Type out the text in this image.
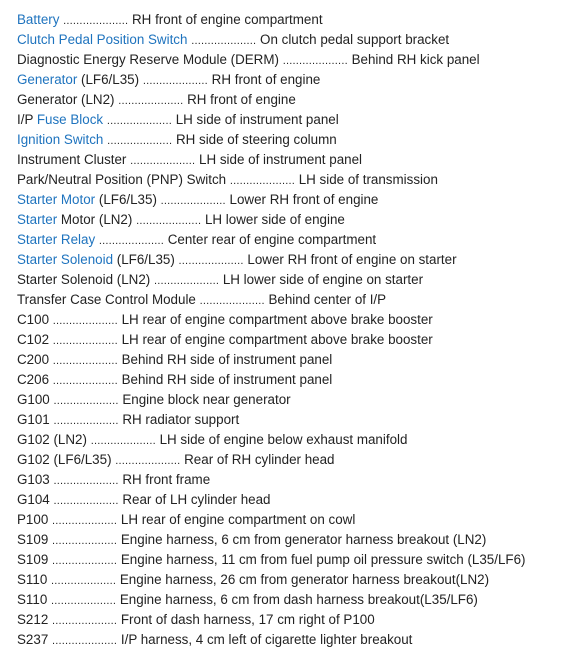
Battery .................... RH front of engine compartment
Clutch Pedal Position Switch .................... On clutch pedal support bracket
Diagnostic Energy Reserve Module (DERM) .................... Behind RH kick panel
Generator (LF6/L35) .................... RH front of engine
Generator (LN2) .................... RH front of engine
I/P Fuse Block .................... LH side of instrument panel
Ignition Switch .................... RH side of steering column
Instrument Cluster .................... LH side of instrument panel
Park/Neutral Position (PNP) Switch .................... LH side of transmission
Starter Motor (LF6/L35) .................... Lower RH front of engine
Starter Motor (LN2) .................... LH lower side of engine
Starter Relay .................... Center rear of engine compartment
Starter Solenoid (LF6/L35) .................... Lower RH front of engine on starter
Starter Solenoid (LN2) .................... LH lower side of engine on starter
Transfer Case Control Module .................... Behind center of I/P
C100 .................... LH rear of engine compartment above brake booster
C102 .................... LH rear of engine compartment above brake booster
C200 .................... Behind RH side of instrument panel
C206 .................... Behind RH side of instrument panel
G100 .................... Engine block near generator
G101 .................... RH radiator support
G102 (LN2) .................... LH side of engine below exhaust manifold
G102 (LF6/L35) .................... Rear of RH cylinder head
G103 .................... RH front frame
G104 .................... Rear of LH cylinder head
P100 .................... LH rear of engine compartment on cowl
S109 .................... Engine harness, 6 cm from generator harness breakout (LN2)
S109 .................... Engine harness, 11 cm from fuel pump oil pressure switch (L35/LF6)
S110 .................... Engine harness, 26 cm from generator harness breakout(LN2)
S110 .................... Engine harness, 6 cm from dash harness breakout(L35/LF6)
S212 .................... Front of dash harness, 17 cm right of P100
S237 .................... I/P harness, 4 cm left of cigarette lighter breakout
